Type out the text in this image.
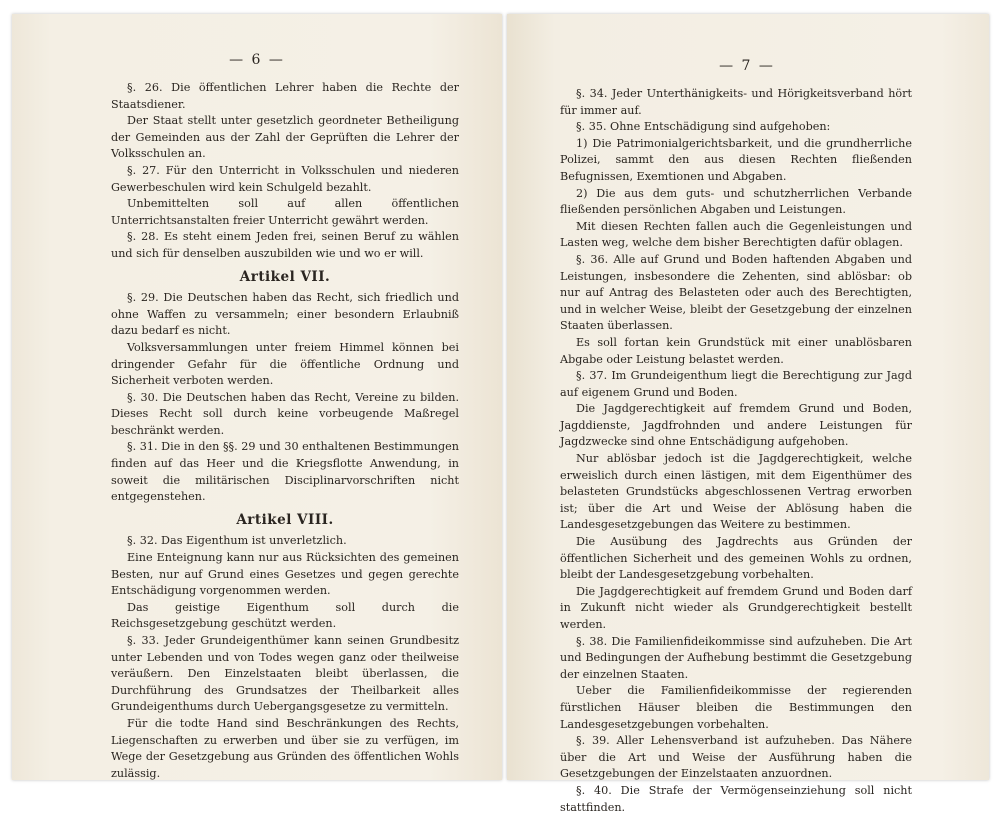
— 6 —
§. 26. Die öffentlichen Lehrer haben die Rechte der Staatsdiener.
Der Staat stellt unter gesetzlich geordneter Betheiligung der Gemeinden aus der Zahl der Geprüften die Lehrer der Volksschulen an.
§. 27. Für den Unterricht in Volksschulen und niederen Gewerbeschulen wird kein Schulgeld bezahlt.
Unbemittelten soll auf allen öffentlichen Unterrichtsanstalten freier Unterricht gewährt werden.
§. 28. Es steht einem Jeden frei, seinen Beruf zu wählen und sich für denselben auszubilden wie und wo er will.
Artikel VII.
§. 29. Die Deutschen haben das Recht, sich friedlich und ohne Waffen zu versammeln; einer besondern Erlaubniß dazu bedarf es nicht.
Volksversammlungen unter freiem Himmel können bei dringender Gefahr für die öffentliche Ordnung und Sicherheit verboten werden.
§. 30. Die Deutschen haben das Recht, Vereine zu bilden. Dieses Recht soll durch keine vorbeugende Maßregel beschränkt werden.
§. 31. Die in den §§. 29 und 30 enthaltenen Bestimmungen finden auf das Heer und die Kriegsflotte Anwendung, in soweit die militärischen Disciplinarvorschriften nicht entgegenstehen.
Artikel VIII.
§. 32. Das Eigenthum ist unverletzlich.
Eine Enteignung kann nur aus Rücksichten des gemeinen Besten, nur auf Grund eines Gesetzes und gegen gerechte Entschädigung vorgenommen werden.
Das geistige Eigenthum soll durch die Reichsgesetzgebung geschützt werden.
§. 33. Jeder Grundeigenthümer kann seinen Grundbesitz unter Lebenden und von Todes wegen ganz oder theilweise veräußern. Den Einzelstaaten bleibt überlassen, die Durchführung des Grundsatzes der Theilbarkeit alles Grundeigenthums durch Uebergangsgesetze zu vermitteln.
Für die todte Hand sind Beschränkungen des Rechts, Liegenschaften zu erwerben und über sie zu verfügen, im Wege der Gesetzgebung aus Gründen des öffentlichen Wohls zulässig.
— 7 —
§. 34. Jeder Unterthänigkeits- und Hörigkeitsverband hört für immer auf.
§. 35. Ohne Entschädigung sind aufgehoben:
1) Die Patrimonialgerichtsbarkeit, und die grundherrliche Polizei, sammt den aus diesen Rechten fließenden Befugnissen, Exemtionen und Abgaben.
2) Die aus dem guts- und schutzherrlichen Verbande fließenden persönlichen Abgaben und Leistungen.
Mit diesen Rechten fallen auch die Gegenleistungen und Lasten weg, welche dem bisher Berechtigten dafür oblagen.
§. 36. Alle auf Grund und Boden haftenden Abgaben und Leistungen, insbesondere die Zehenten, sind ablösbar: ob nur auf Antrag des Belasteten oder auch des Berechtigten, und in welcher Weise, bleibt der Gesetzgebung der einzelnen Staaten überlassen.
Es soll fortan kein Grundstück mit einer unablösbaren Abgabe oder Leistung belastet werden.
§. 37. Im Grundeigenthum liegt die Berechtigung zur Jagd auf eigenem Grund und Boden.
Die Jagdgerechtigkeit auf fremdem Grund und Boden, Jagddienste, Jagdfrohnden und andere Leistungen für Jagdzwecke sind ohne Entschädigung aufgehoben.
Nur ablösbar jedoch ist die Jagdgerechtigkeit, welche erweislich durch einen lästigen, mit dem Eigenthümer des belasteten Grundstücks abgeschlossenen Vertrag erworben ist; über die Art und Weise der Ablösung haben die Landesgesetzgebungen das Weitere zu bestimmen.
Die Ausübung des Jagdrechts aus Gründen der öffentlichen Sicherheit und des gemeinen Wohls zu ordnen, bleibt der Landesgesetzgebung vorbehalten.
Die Jagdgerechtigkeit auf fremdem Grund und Boden darf in Zukunft nicht wieder als Grundgerechtigkeit bestellt werden.
§. 38. Die Familienfideikommisse sind aufzuheben. Die Art und Bedingungen der Aufhebung bestimmt die Gesetzgebung der einzelnen Staaten.
Ueber die Familienfideikommisse der regierenden fürstlichen Häuser bleiben die Bestimmungen den Landesgesetzgebungen vorbehalten.
§. 39. Aller Lehensverband ist aufzuheben. Das Nähere über die Art und Weise der Ausführung haben die Gesetzgebungen der Einzelstaaten anzuordnen.
§. 40. Die Strafe der Vermögenseinziehung soll nicht stattfinden.
